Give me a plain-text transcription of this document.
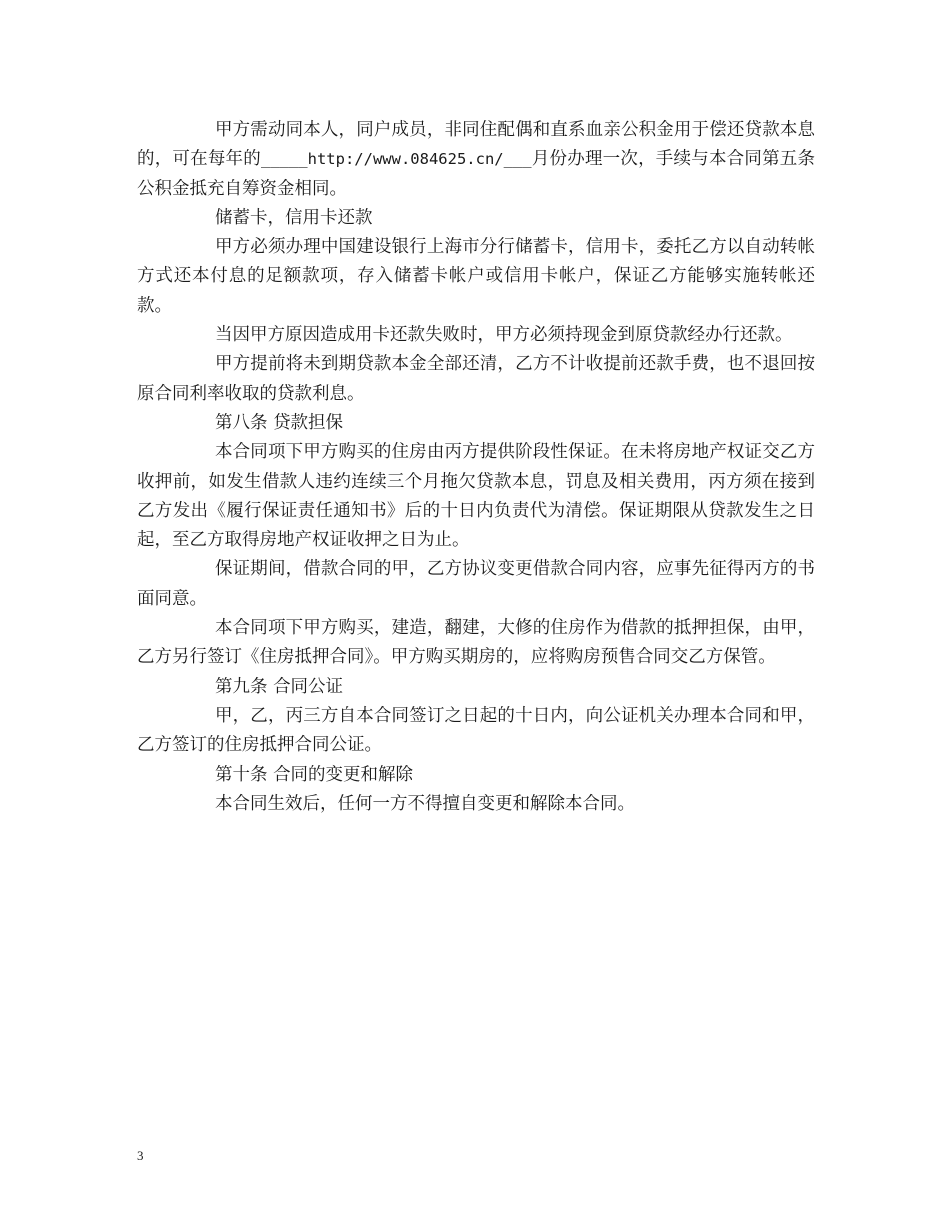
甲方需动同本人，同户成员，非同住配偶和直系血亲公积金用于偿还贷款本息的，可在每年的_____http://www.084625.cn/___月份办理一次，手续与本合同第五条公积金抵充自筹资金相同。

储蓄卡，信用卡还款

甲方必须办理中国建设银行上海市分行储蓄卡，信用卡，委托乙方以自动转帐方式还本付息的足额款项，存入储蓄卡帐户或信用卡帐户，保证乙方能够实施转帐还款。

当因甲方原因造成用卡还款失败时，甲方必须持现金到原贷款经办行还款。

甲方提前将未到期贷款本金全部还清，乙方不计收提前还款手费，也不退回按原合同利率收取的贷款利息。

第八条 贷款担保

本合同项下甲方购买的住房由丙方提供阶段性保证。在未将房地产权证交乙方收押前，如发生借款人违约连续三个月拖欠贷款本息，罚息及相关费用，丙方须在接到乙方发出《履行保证责任通知书》后的十日内负责代为清偿。保证期限从贷款发生之日起，至乙方取得房地产权证收押之日为止。

保证期间，借款合同的甲，乙方协议变更借款合同内容，应事先征得丙方的书面同意。

本合同项下甲方购买，建造，翻建，大修的住房作为借款的抵押担保，由甲，乙方另行签订《住房抵押合同》。甲方购买期房的，应将购房预售合同交乙方保管。

第九条 合同公证

甲，乙，丙三方自本合同签订之日起的十日内，向公证机关办理本合同和甲，乙方签订的住房抵押合同公证。

第十条 合同的变更和解除

本合同生效后，任何一方不得擅自变更和解除本合同。

3
